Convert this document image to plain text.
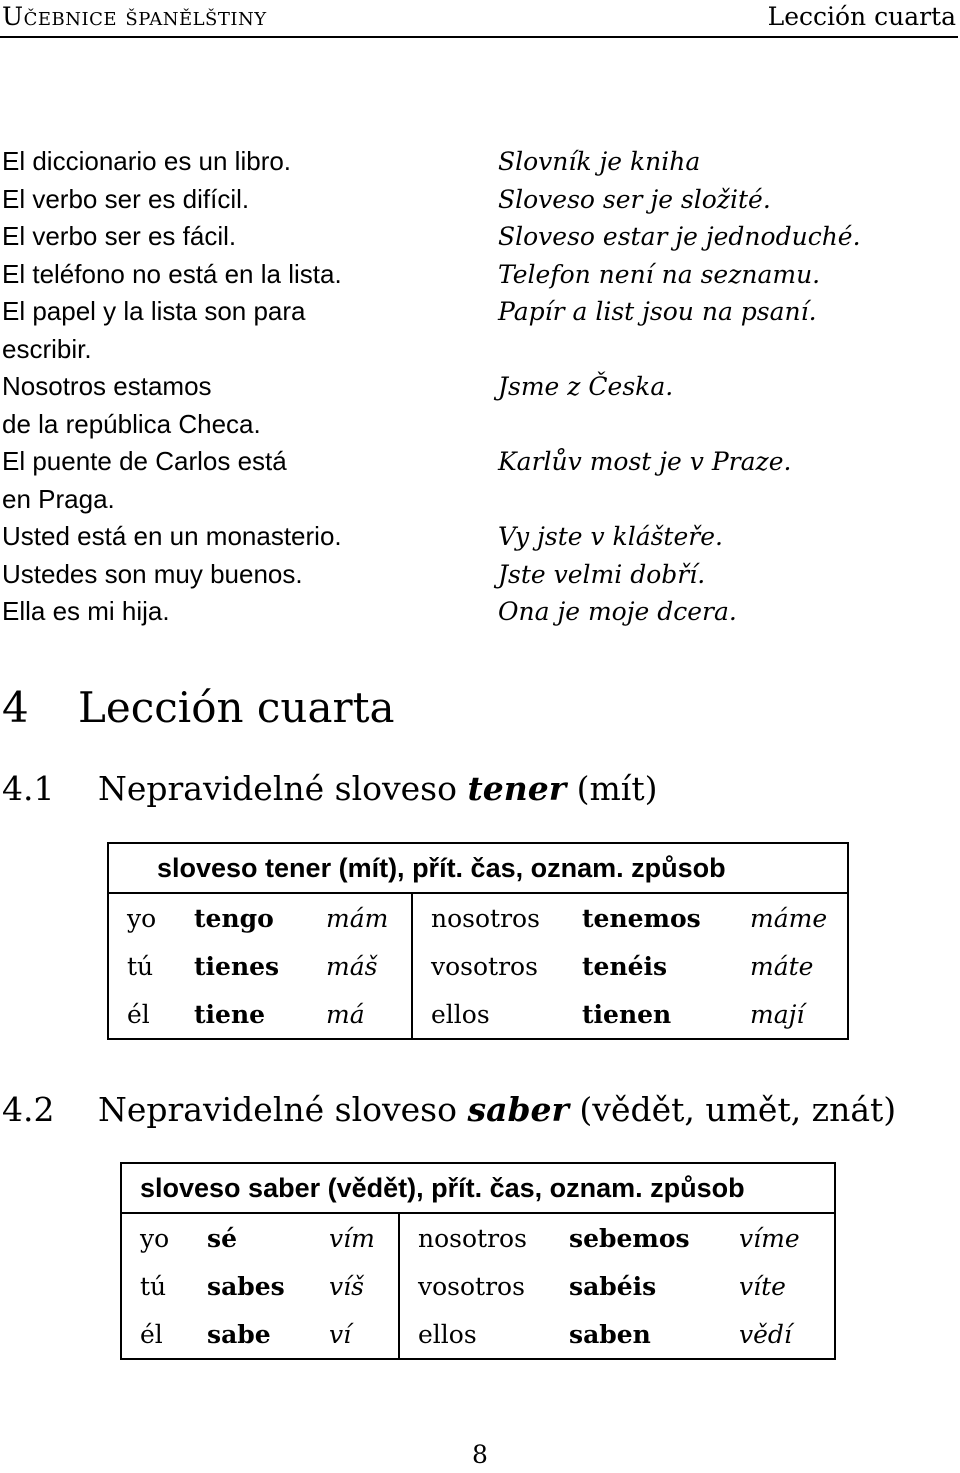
Učebnice španělštiny	Lección cuarta
El diccionario es un libro.	Slovník je kniha
El verbo ser es difícil.	Sloveso ser je složité.
El verbo ser es fácil.	Sloveso estar je jednoduché.
El teléfono no está en la lista.	Telefon není na seznamu.
El papel y la lista son para	Papír a list jsou na psaní.
escribir.
Nosotros estamos	Jsme z Česka.
de la república Checa.
El puente de Carlos está	Karlův most je v Praze.
en Praga.
Usted está en un monasterio.	Vy jste v klášteře.
Ustedes son muy buenos.	Jste velmi dobří.
Ella es mi hija.	Ona je moje dcera.
4 Lección cuarta
4.1 Nepravidelné sloveso tener (mít)
sloveso tener (mít), přít. čas, oznam. způsob					
yo	tengo	mám	nosotros	tenemos	máme
tú	tienes	máš	vosotros	tenéis	máte
él	tiene	má	ellos	tienen	mají
4.2 Nepravidelné sloveso saber (vědět, umět, znát)
sloveso saber (vědět), přít. čas, oznam. způsob					
yo	sé	vím	nosotros	sebemos	víme
tú	sabes	víš	vosotros	sabéis	víte
él	sabe	ví	ellos	saben	vědí
8
